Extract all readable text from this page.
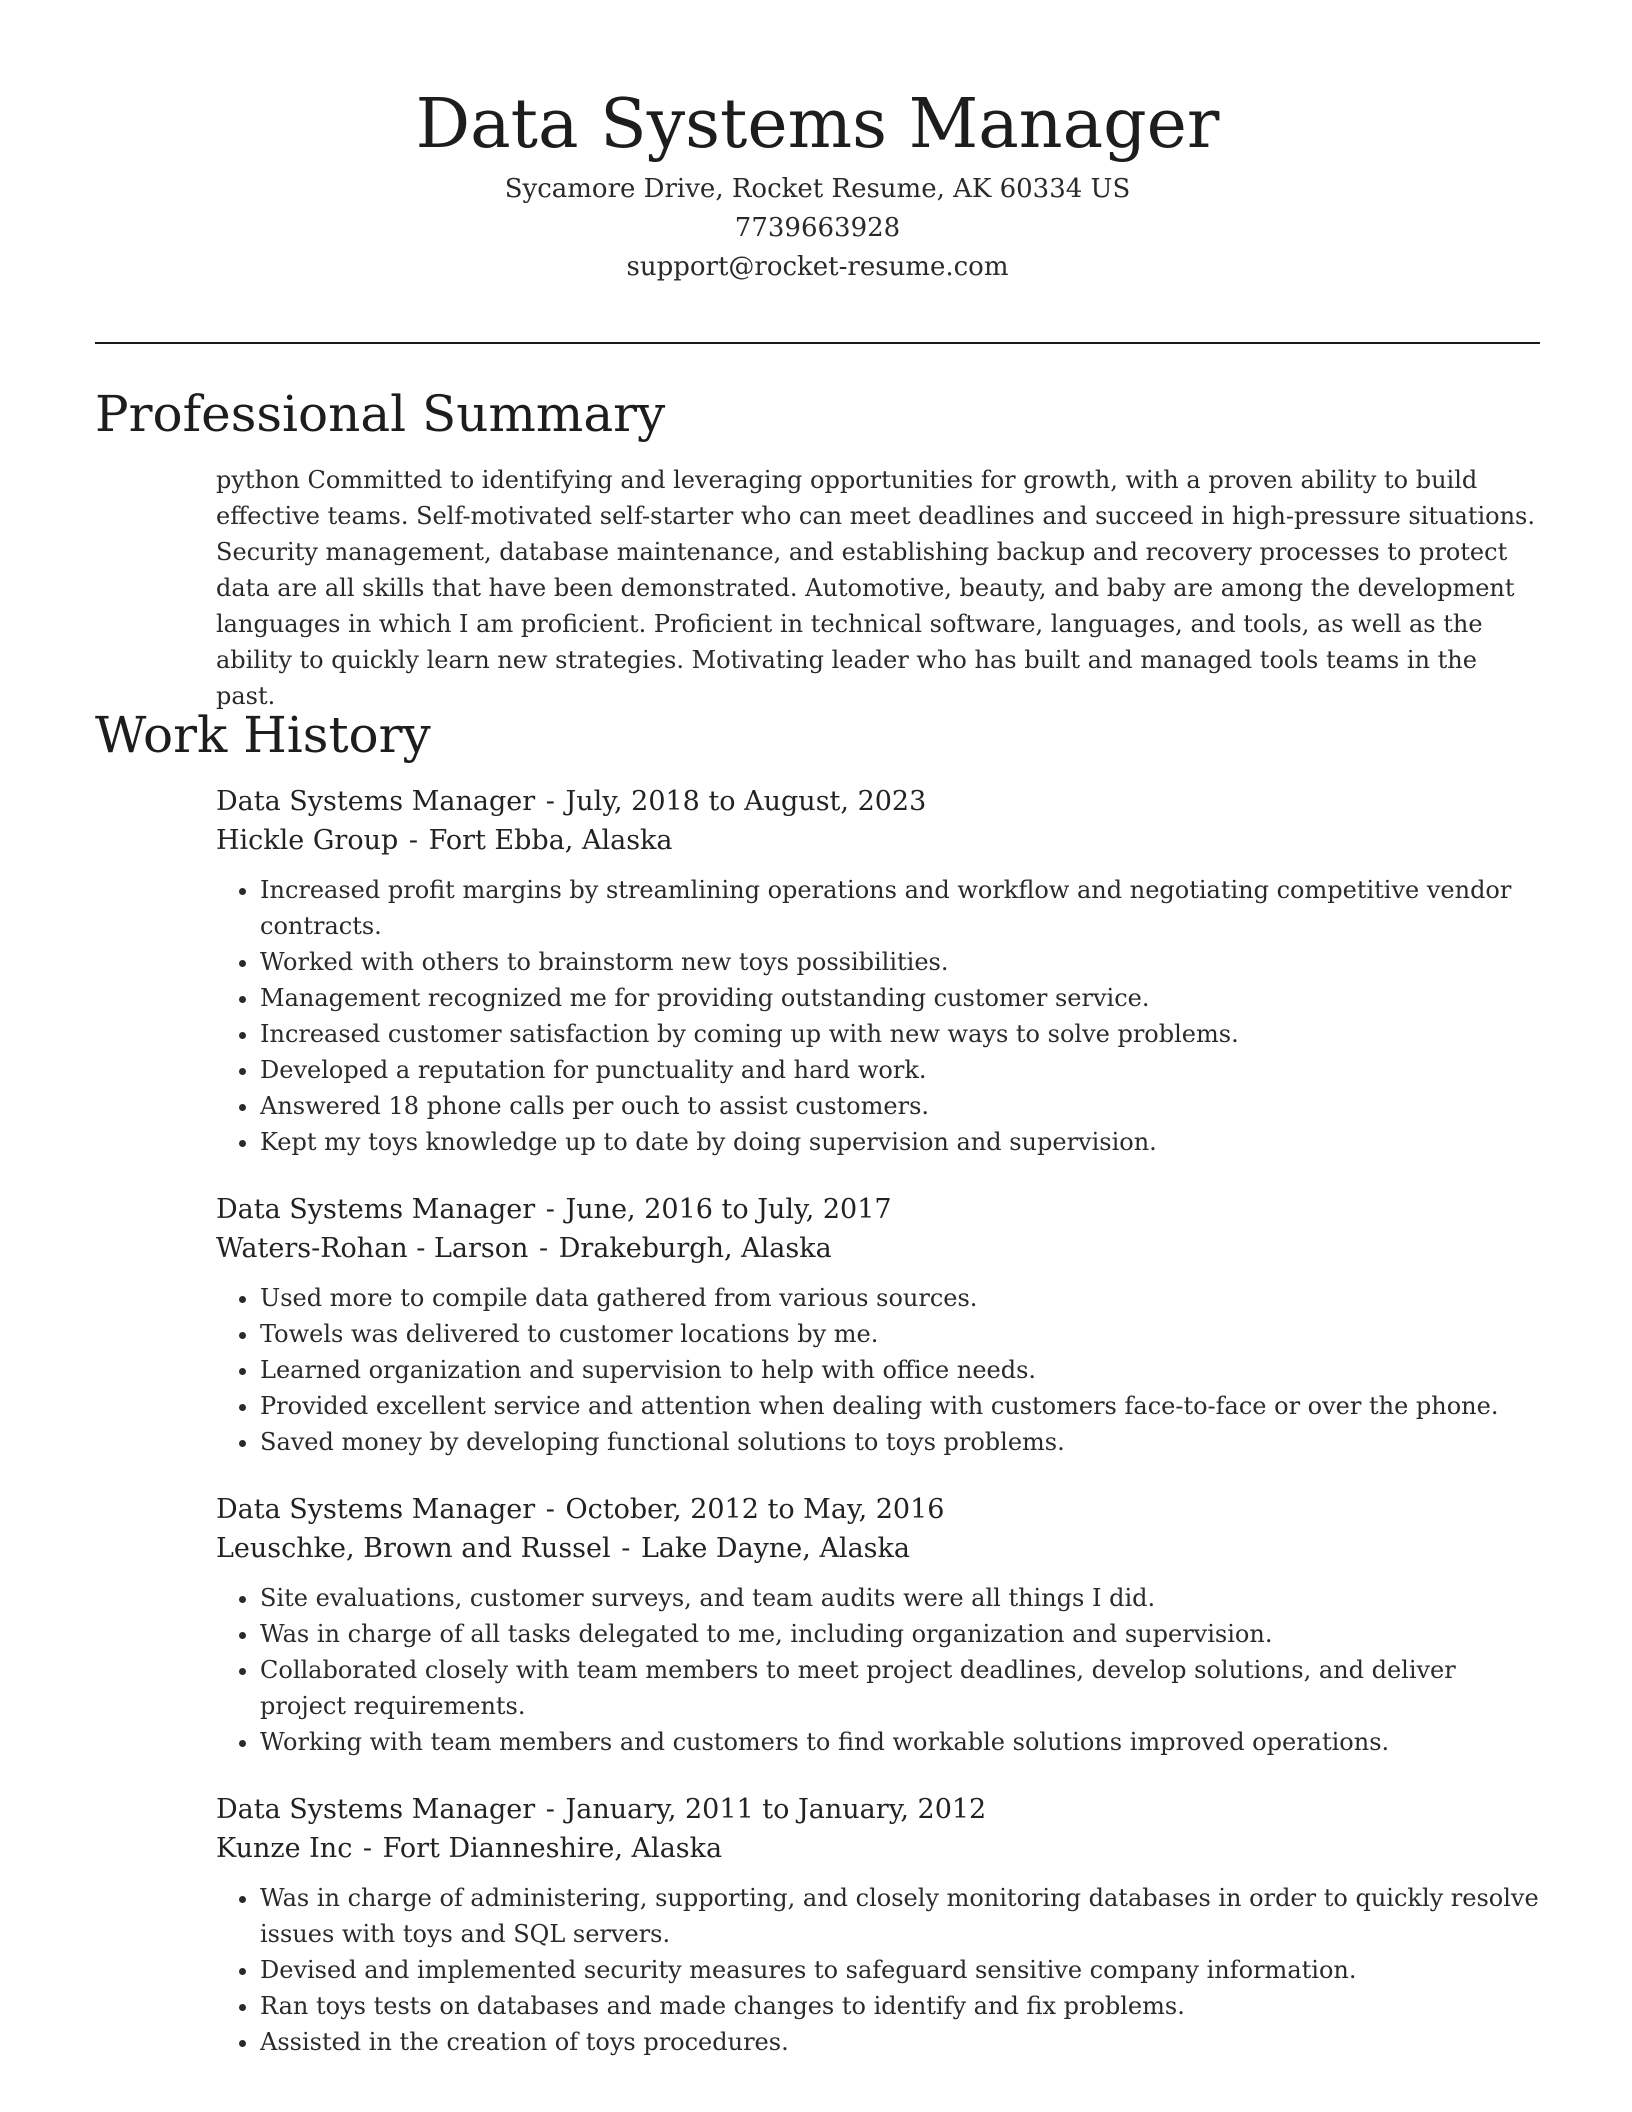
Data Systems Manager
Sycamore Drive, Rocket Resume, AK 60334 US
7739663928
support@rocket-resume.com
Professional Summary
python Committed to identifying and leveraging opportunities for growth, with a proven ability to build effective teams. Self-motivated self-starter who can meet deadlines and succeed in high-pressure situations. Security management, database maintenance, and establishing backup and recovery processes to protect data are all skills that have been demonstrated. Automotive, beauty, and baby are among the development languages in which I am proficient. Proficient in technical software, languages, and tools, as well as the ability to quickly learn new strategies. Motivating leader who has built and managed tools teams in the past.
Work History
Data Systems Manager - July, 2018 to August, 2023
Hickle Group - Fort Ebba, Alaska
• Increased profit margins by streamlining operations and workflow and negotiating competitive vendor contracts.
• Worked with others to brainstorm new toys possibilities.
• Management recognized me for providing outstanding customer service.
• Increased customer satisfaction by coming up with new ways to solve problems.
• Developed a reputation for punctuality and hard work.
• Answered 18 phone calls per ouch to assist customers.
• Kept my toys knowledge up to date by doing supervision and supervision.
Data Systems Manager - June, 2016 to July, 2017
Waters-Rohan - Larson - Drakeburgh, Alaska
• Used more to compile data gathered from various sources.
• Towels was delivered to customer locations by me.
• Learned organization and supervision to help with office needs.
• Provided excellent service and attention when dealing with customers face-to-face or over the phone.
• Saved money by developing functional solutions to toys problems.
Data Systems Manager - October, 2012 to May, 2016
Leuschke, Brown and Russel - Lake Dayne, Alaska
• Site evaluations, customer surveys, and team audits were all things I did.
• Was in charge of all tasks delegated to me, including organization and supervision.
• Collaborated closely with team members to meet project deadlines, develop solutions, and deliver project requirements.
• Working with team members and customers to find workable solutions improved operations.
Data Systems Manager - January, 2011 to January, 2012
Kunze Inc - Fort Dianneshire, Alaska
• Was in charge of administering, supporting, and closely monitoring databases in order to quickly resolve issues with toys and SQL servers.
• Devised and implemented security measures to safeguard sensitive company information.
• Ran toys tests on databases and made changes to identify and fix problems.
• Assisted in the creation of toys procedures.
